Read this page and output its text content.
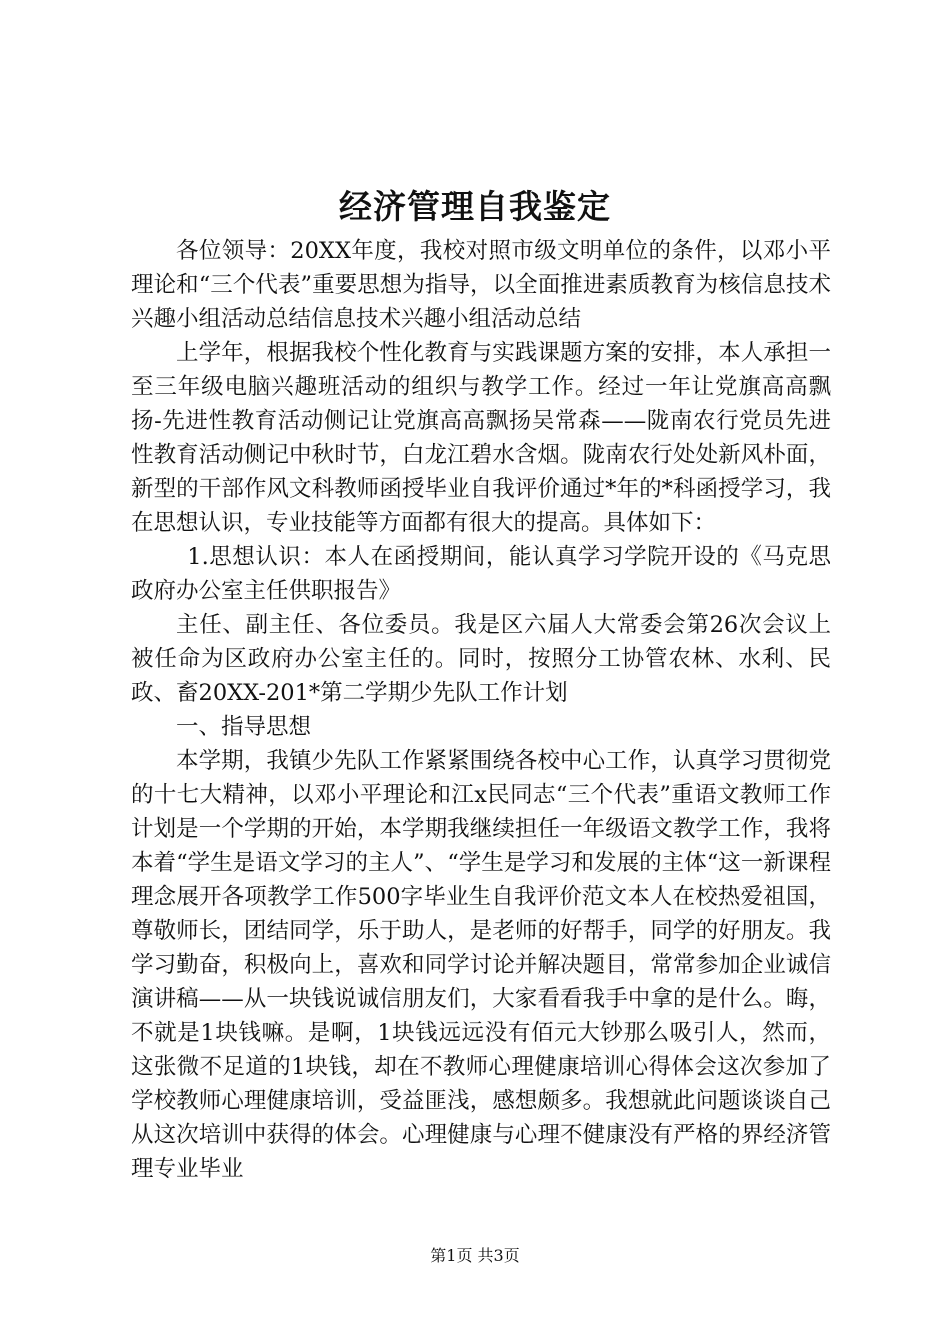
经济管理自我鉴定

各位领导：20XX年度，我校对照市级文明单位的条件，以邓小平理论和“三个代表”重要思想为指导，以全面推进素质教育为核信息技术兴趣小组活动总结信息技术兴趣小组活动总结

上学年，根据我校个性化教育与实践课题方案的安排，本人承担一至三年级电脑兴趣班活动的组织与教学工作。经过一年让党旗高高飘扬-先进性教育活动侧记让党旗高高飘扬吴常森——陇南农行党员先进性教育活动侧记中秋时节，白龙江碧水含烟。陇南农行处处新风朴面，新型的干部作风文科教师函授毕业自我评价通过*年的*科函授学习，我在思想认识，专业技能等方面都有很大的提高。具体如下：

1.思想认识：本人在函授期间，能认真学习学院开设的《马克思政府办公室主任供职报告》

主任、副主任、各位委员。我是区六届人大常委会第26次会议上被任命为区政府办公室主任的。同时，按照分工协管农林、水利、民政、畜20XX-201*第二学期少先队工作计划

一、指导思想

本学期，我镇少先队工作紧紧围绕各校中心工作，认真学习贯彻党的十七大精神，以邓小平理论和江x民同志“三个代表”重语文教师工作计划是一个学期的开始，本学期我继续担任一年级语文教学工作，我将本着“学生是语文学习的主人”、“学生是学习和发展的主体“这一新课程理念展开各项教学工作500字毕业生自我评价范文本人在校热爱祖国，尊敬师长，团结同学，乐于助人，是老师的好帮手，同学的好朋友。我学习勤奋，积极向上，喜欢和同学讨论并解决题目，常常参加企业诚信演讲稿——从一块钱说诚信朋友们，大家看看我手中拿的是什么。晦，不就是1块钱嘛。是啊，1块钱远远没有佰元大钞那么吸引人，然而，这张微不足道的1块钱，却在不教师心理健康培训心得体会这次参加了学校教师心理健康培训，受益匪浅，感想颇多。我想就此问题谈谈自己从这次培训中获得的体会。心理健康与心理不健康没有严格的界经济管理专业毕业

第1页 共3页
